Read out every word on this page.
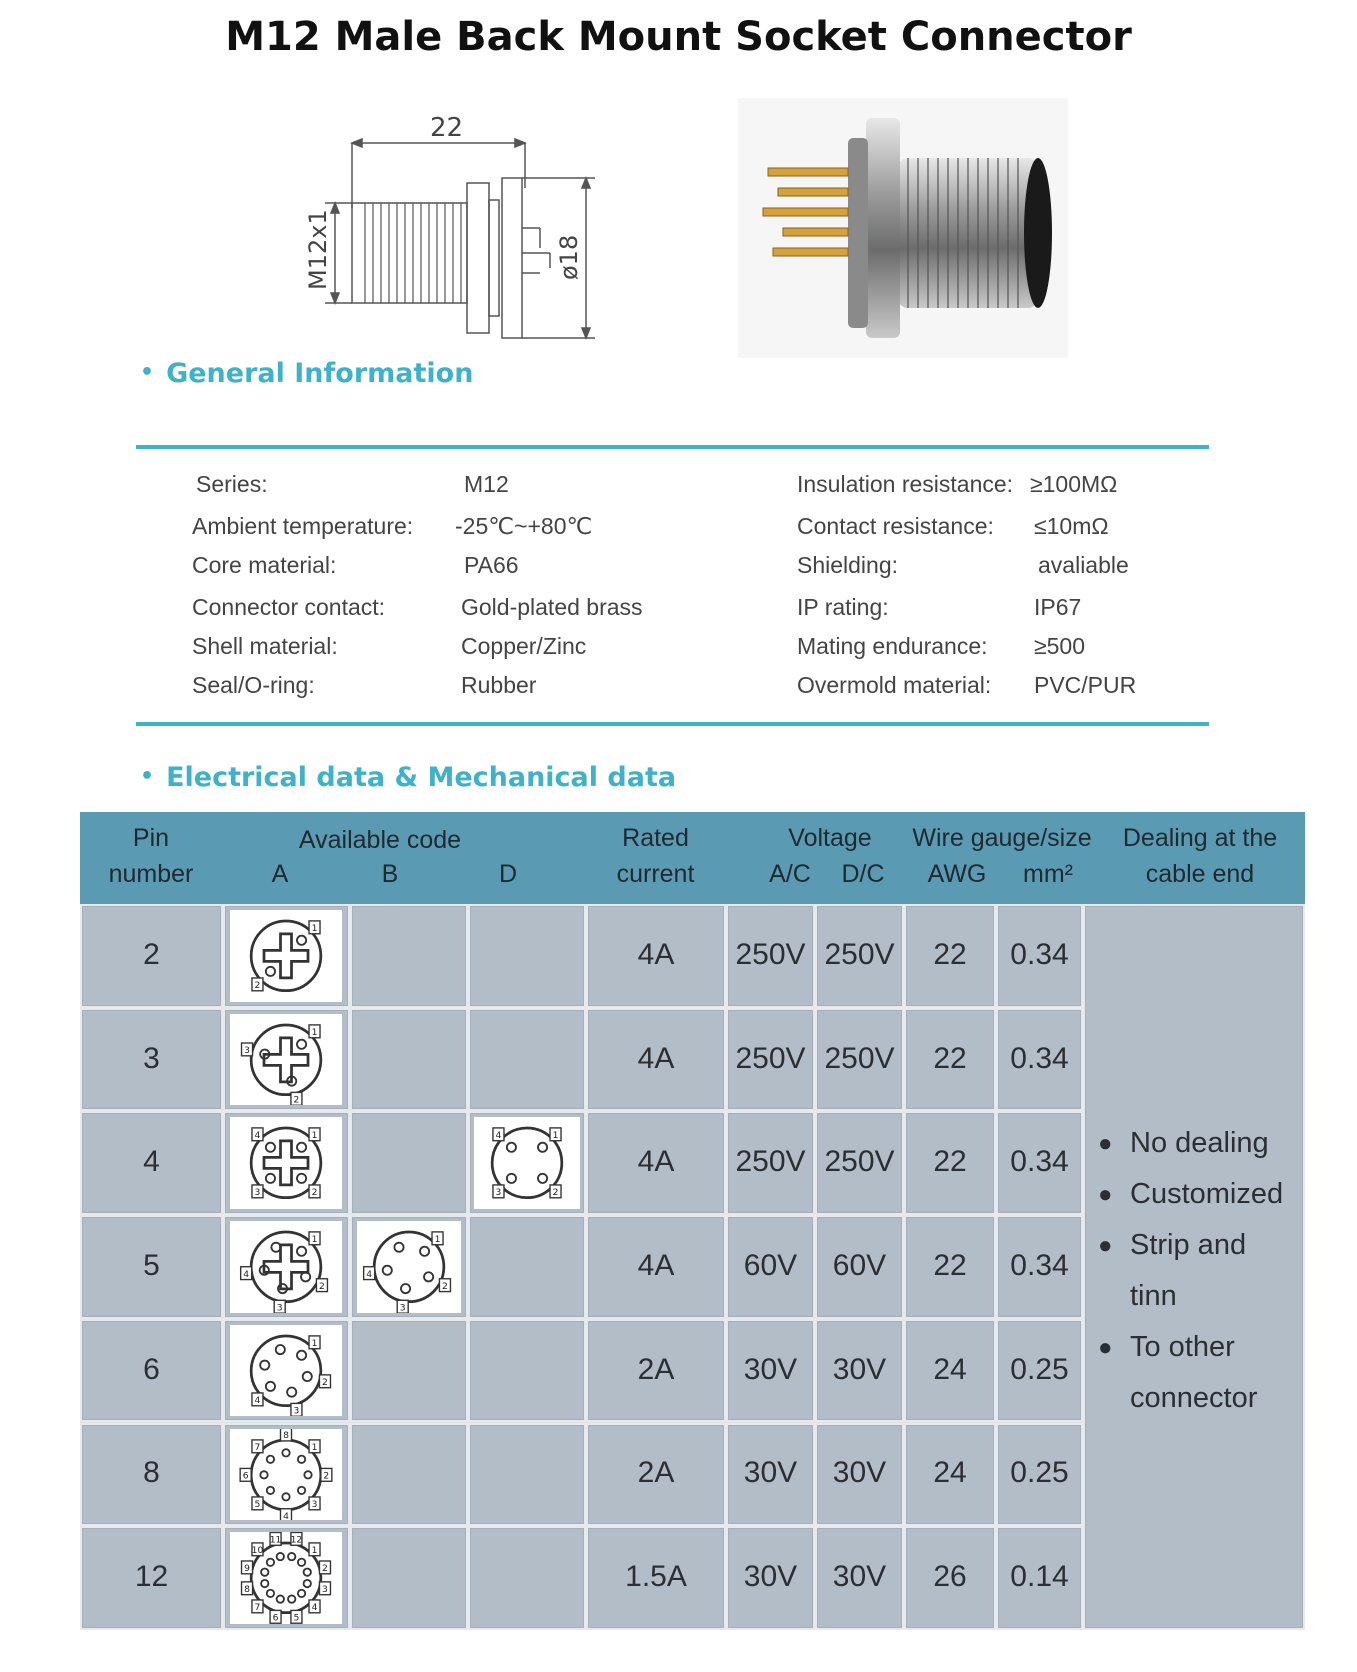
M12 Male Back Mount Socket Connector
22
M12x1	ø18
• General Information
Series:	M12
Ambient temperature: -25℃~+80℃
Core material:	PA66
Connector contact:	Gold-plated brass
Shell material:	Copper/Zinc
Seal/O-ring:	Rubber
Insulation resistance: ≥100MΩ
Contact resistance: ≤10mΩ
Shielding:	avaliable
IP rating:	IP67
Mating endurance: ≥500
Overmold material: PVC/PUR
• Electrical data & Mechanical data
Pin
number
Available code
A	B	D
Rated
current
Voltage
A/C	D/C
Wire gauge/size
AWG	mm²
Dealing at the
cable end
2	4A	250V 250V	22	0.34
1
2
3	4A	250V 250V	22	0.34
1
2
3
4	4A	250V 250V	22	0.34
1
2
3
4	1
2
3
4
5	4A	60V	60V	22	0.34
1
2
3
4
1
2
3
4
6	2A	30V	30V	24	0.25
1
2
3
4
8	2A	30V	30V	24	0.25
1
2
3
4
5
6
7
8
12	1.5A	30V	30V	26	0.14
1
2
3
4
5
6
7
8
9
10
11 12
● No dealing
● Customized
● Strip and
tinn
● To other
connector
